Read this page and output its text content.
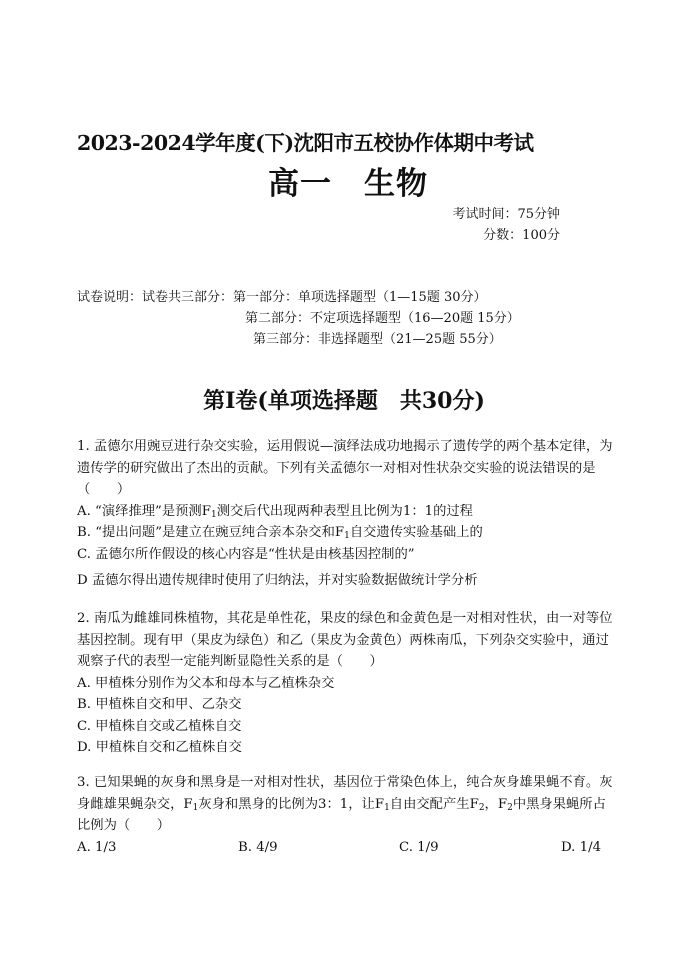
2023-2024学年度(下)沈阳市五校协作体期中考试
高一　生物
考试时间：75分钟
分数：100分
试卷说明：试卷共三部分：第一部分：单项选择题型（1—15题 30分）
第二部分：不定项选择题型（16—20题 15分）
第三部分：非选择题型（21—25题 55分）
第Ⅰ卷(单项选择题　共30分)

1. 孟德尔用豌豆进行杂交实验，运用假说—演绎法成功地揭示了遗传学的两个基本定律，为遗传学的研究做出了杰出的贡献。下列有关孟德尔一对相对性状杂交实验的说法错误的是（　　）

A. “演绎推理”是预测$F_1$测交后代出现两种表型且比例为1：1的过程

B. “提出问题”是建立在豌豆纯合亲本杂交和$F_1$自交遗传实验基础上的

C. 孟德尔所作假设的核心内容是“性状是由核基因控制的”

D 孟德尔得出遗传规律时使用了归纳法，并对实验数据做统计学分析

2. 南瓜为雌雄同株植物，其花是单性花，果皮的绿色和金黄色是一对相对性状，由一对等位基因控制。现有甲（果皮为绿色）和乙（果皮为金黄色）两株南瓜，下列杂交实验中，通过观察子代的表型一定能判断显隐性关系的是（　　）

A. 甲植株分别作为父本和母本与乙植株杂交

B. 甲植株自交和甲、乙杂交

C. 甲植株自交或乙植株自交

D. 甲植株自交和乙植株自交

3. 已知果蝇的灰身和黑身是一对相对性状，基因位于常染色体上，纯合灰身雄果蝇不育。灰身雌雄果蝇杂交，$F_1$灰身和黑身的比例为3：1，让$F_1$自由交配产生$F_2$，$F_2$中黑身果蝇所占比例为（　　）

A. 1/3	B. 4/9	C. 1/9	D. 1/4
